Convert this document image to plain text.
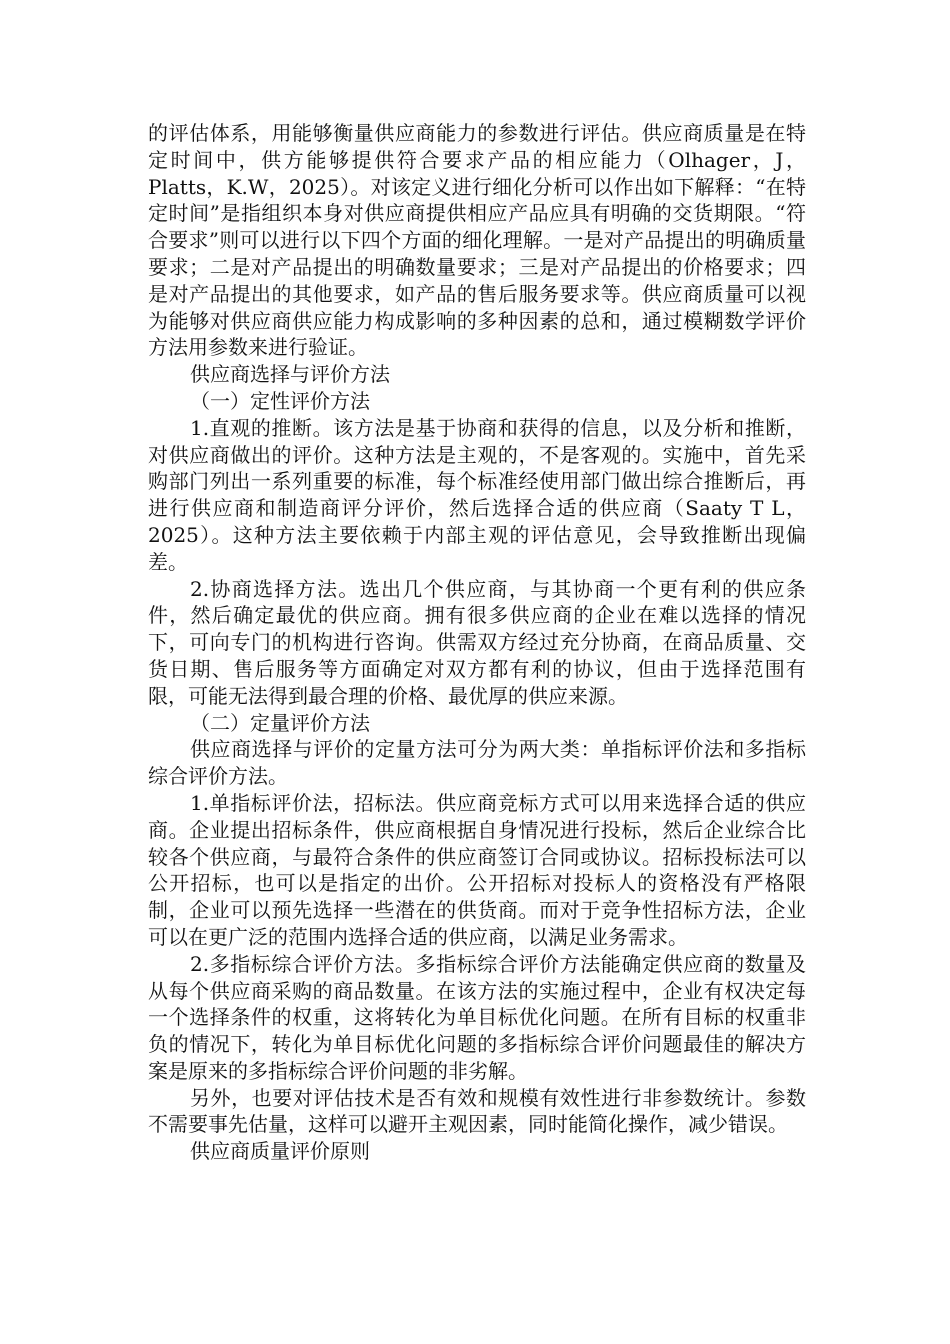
的评估体系，用能够衡量供应商能力的参数进行评估。供应商质量是在特定时间中，供方能够提供符合要求产品的相应能力（Olhager，J，Platts，K.W，2025）。对该定义进行细化分析可以作出如下解释：“在特定时间”是指组织本身对供应商提供相应产品应具有明确的交货期限。“符合要求”则可以进行以下四个方面的细化理解。一是对产品提出的明确质量要求；二是对产品提出的明确数量要求；三是对产品提出的价格要求；四是对产品提出的其他要求，如产品的售后服务要求等。供应商质量可以视为能够对供应商供应能力构成影响的多种因素的总和，通过模糊数学评价方法用参数来进行验证。

供应商选择与评价方法

（一）定性评价方法

1.直观的推断。该方法是基于协商和获得的信息，以及分析和推断，对供应商做出的评价。这种方法是主观的，不是客观的。实施中，首先采购部门列出一系列重要的标准，每个标准经使用部门做出综合推断后，再进行供应商和制造商评分评价，然后选择合适的供应商（Saaty T L，2025）。这种方法主要依赖于内部主观的评估意见，会导致推断出现偏差。

2.协商选择方法。选出几个供应商，与其协商一个更有利的供应条件，然后确定最优的供应商。拥有很多供应商的企业在难以选择的情况下，可向专门的机构进行咨询。供需双方经过充分协商，在商品质量、交货日期、售后服务等方面确定对双方都有利的协议，但由于选择范围有限，可能无法得到最合理的价格、最优厚的供应来源。

（二）定量评价方法

供应商选择与评价的定量方法可分为两大类：单指标评价法和多指标综合评价方法。

1.单指标评价法，招标法。供应商竞标方式可以用来选择合适的供应商。企业提出招标条件，供应商根据自身情况进行投标，然后企业综合比较各个供应商，与最符合条件的供应商签订合同或协议。招标投标法可以公开招标，也可以是指定的出价。公开招标对投标人的资格没有严格限制，企业可以预先选择一些潜在的供货商。而对于竞争性招标方法，企业可以在更广泛的范围内选择合适的供应商，以满足业务需求。

2.多指标综合评价方法。多指标综合评价方法能确定供应商的数量及从每个供应商采购的商品数量。在该方法的实施过程中，企业有权决定每一个选择条件的权重，这将转化为单目标优化问题。在所有目标的权重非负的情况下，转化为单目标优化问题的多指标综合评价问题最佳的解决方案是原来的多指标综合评价问题的非劣解。

另外，也要对评估技术是否有效和规模有效性进行非参数统计。参数不需要事先估量，这样可以避开主观因素，同时能简化操作，减少错误。

供应商质量评价原则
